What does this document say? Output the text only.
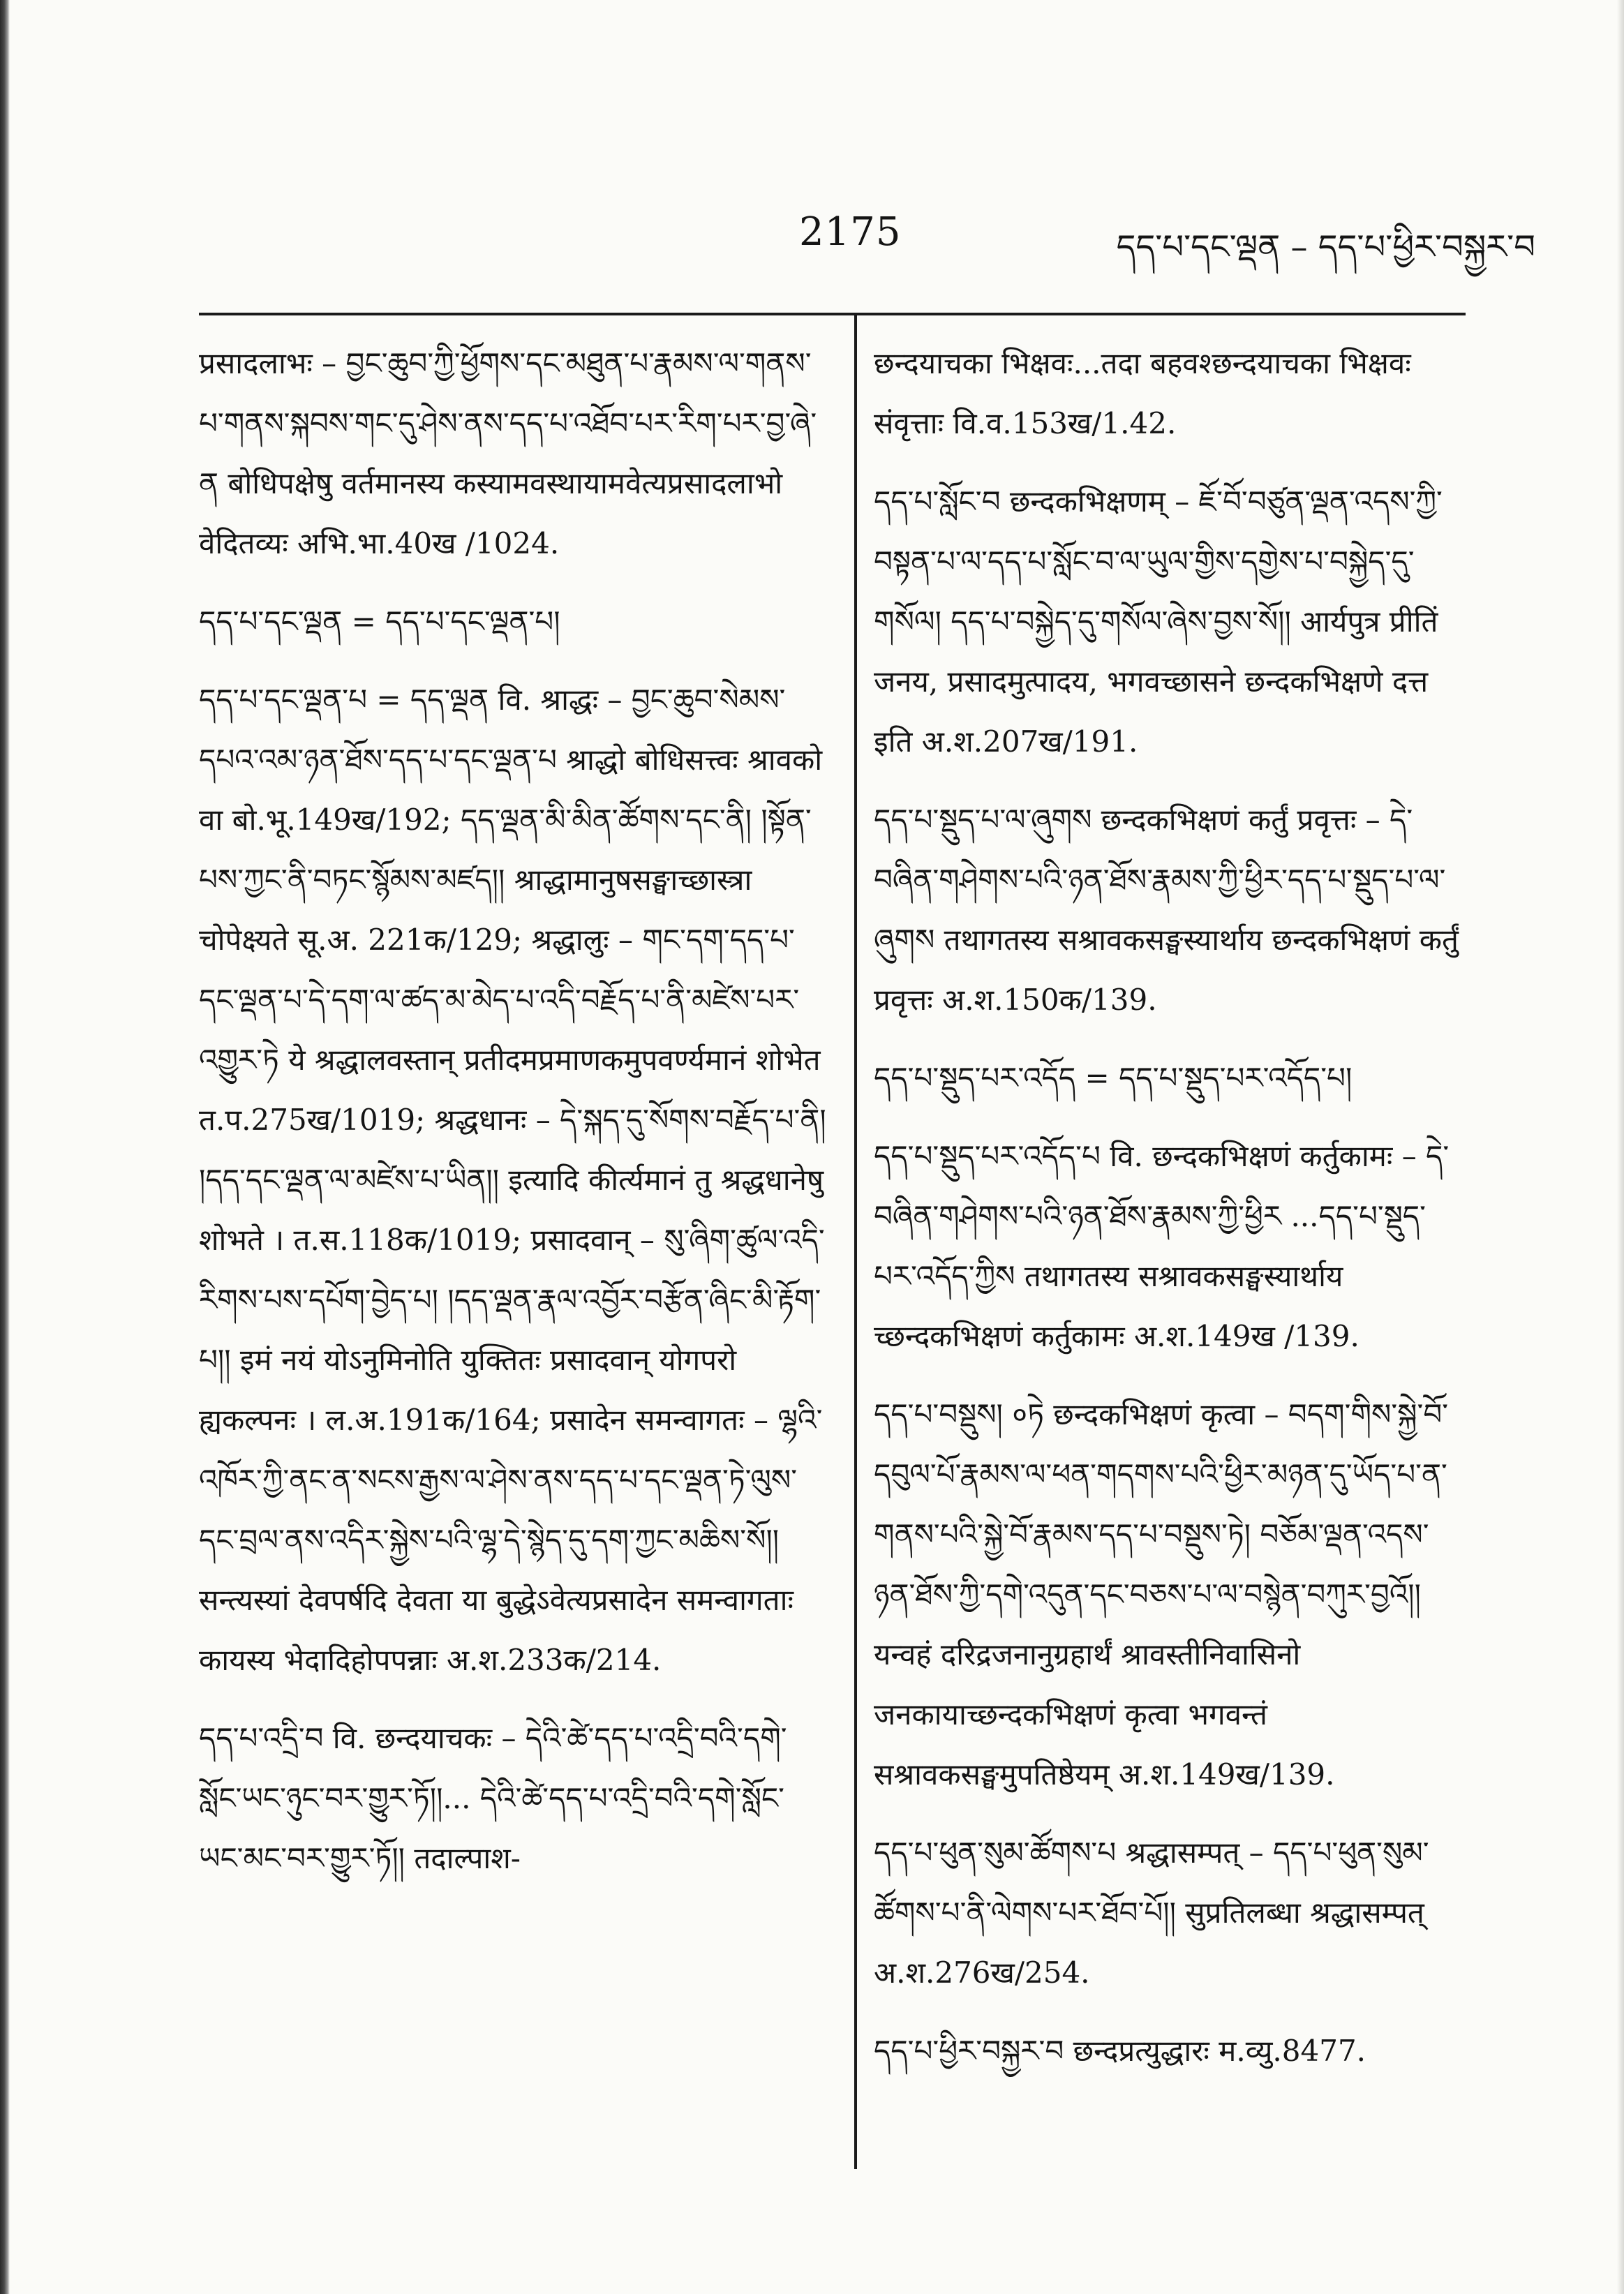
2175	དད་པ་དང་ལྡན – དད་པ་ཕྱིར་བསྐྱར་བ

प्रसादलाभः – བྱང་ཆུབ་ཀྱི་ཕྱོགས་དང་མཐུན་པ་རྣམས་ལ་གནས་པ་གནས་སྐབས་གང་དུ་ཤེས་ནས་དད་པ་འཐོབ་པར་རིག་པར་བྱ་ཞེ་ན बोधिपक्षेषु वर्तमानस्य कस्यामवस्थायामवेत्यप्रसादलाभो वेदितव्यः अभि.भा.40ख /1024.

དད་པ་དང་ལྡན = དད་པ་དང་ལྡན་པ།

དད་པ་དང་ལྡན་པ = དད་ལྡན वि. श्राद्धः – བྱང་ཆུབ་སེམས་དཔའ་འམ་ཉན་ཐོས་དད་པ་དང་ལྡན་པ श्राद्धो बोधिसत्त्वः श्रावको वा बो.भू.149ख/192; དད་ལྡན་མི་མིན་ཚོགས་དང་ནི། །སྟོན་པས་ཀྱང་ནི་བཏང་སྙོམས་མཛད།། श्राद्धामानुषसङ्घाच्छास्त्रा चोपेक्ष्यते सू.अ. 221क/129; श्रद्धालुः – གང་དག་དད་པ་དང་ལྡན་པ་དེ་དག་ལ་ཚད་མ་མེད་པ་འདི་བརྗོད་པ་ནི་མཛེས་པར་འགྱུར་ཏེ ये श्रद्धालवस्तान् प्रतीदमप्रमाणकमुपवर्ण्यमानं शोभेत त.प.275ख/1019; श्रद्धधानः – དེ་སྐད་དུ་སོགས་བརྗོད་པ་ནི། །དད་དང་ལྡན་ལ་མཛེས་པ་ཡིན།། इत्यादि कीर्त्यमानं तु श्रद्धधानेषु शोभते । त.स.118क/1019; प्रसादवान् – སུ་ཞིག་ཚུལ་འདི་རིགས་པས་དཔོག་བྱེད་པ། །དད་ལྡན་རྣལ་འབྱོར་བརྩོན་ཞིང་མི་རྟོག་པ།། इमं नयं योऽनुमिनोति युक्तितः प्रसादवान् योगपरो ह्यकल्पनः । ल.अ.191क/164; प्रसादेन समन्वागतः – ལྷའི་འཁོར་ཀྱི་ནང་ན་སངས་རྒྱས་ལ་ཤེས་ནས་དད་པ་དང་ལྡན་ཏེ་ལུས་དང་བྲལ་ནས་འདིར་སྐྱེས་པའི་ལྷ་དེ་སྙེད་དུ་དག་ཀྱང་མཆིས་སོ།། सन्त्यस्यां देवपर्षदि देवता या बुद्धेऽवेत्यप्रसादेन समन्वागताः कायस्य भेदादिहोपपन्नाः अ.श.233क/214.

དད་པ་འདྲི་བ वि. छन्दयाचकः – དེའི་ཚེ་དད་པ་འདྲི་བའི་དགེ་སློང་ཡང་ཉུང་བར་གྱུར་ཏོ།།... དེའི་ཚེ་དད་པ་འདྲི་བའི་དགེ་སློང་ཡང་མང་བར་གྱུར་ཏོ།། तदाल्पाश-

छन्दयाचका भिक्षवः...तदा बहवश्छन्दयाचका भिक्षवः संवृत्ताः वि.व.153ख/1.42.

དད་པ་སློང་བ छन्दकभिक्षणम् – ཇོ་བོ་བཙུན་ལྡན་འདས་ཀྱི་བསྟན་པ་ལ་དད་པ་སློང་བ་ལ་ཡུལ་གྱིས་དགྱེས་པ་བསྐྱེད་དུ་གསོལ། དད་པ་བསྐྱེད་དུ་གསོལ་ཞེས་བྱས་སོ།། आर्यपुत्र प्रीतिं जनय, प्रसादमुत्पादय, भगवच्छासने छन्दकभिक्षणे दत्त इति अ.श.207ख/191.

དད་པ་སྡུད་པ་ལ་ཞུགས छन्दकभिक्षणं कर्तुं प्रवृत्तः – དེ་བཞིན་གཤེགས་པའི་ཉན་ཐོས་རྣམས་ཀྱི་ཕྱིར་དད་པ་སྡུད་པ་ལ་ཞུགས तथागतस्य सश्रावकसङ्घस्यार्थाय छन्दकभिक्षणं कर्तुं प्रवृत्तः अ.श.150क/139.

དད་པ་སྡུད་པར་འདོད = དད་པ་སྡུད་པར་འདོད་པ།

དད་པ་སྡུད་པར་འདོད་པ वि. छन्दकभिक्षणं कर्तुकामः – དེ་བཞིན་གཤེགས་པའི་ཉན་ཐོས་རྣམས་ཀྱི་ཕྱིར ...དད་པ་སྡུད་པར་འདོད་ཀྱིས तथागतस्य सश्रावकसङ्घस्यार्थाय च्छन्दकभिक्षणं कर्तुकामः अ.श.149ख /139.

དད་པ་བསྡུས། ०ཏེ छन्दकभिक्षणं कृत्वा – བདག་གིས་སྐྱེ་བོ་དབུལ་པོ་རྣམས་ལ་ཕན་གདགས་པའི་ཕྱིར་མཉན་དུ་ཡོད་པ་ན་གནས་པའི་སྐྱེ་བོ་རྣམས་དད་པ་བསྡུས་ཏེ། བཅོམ་ལྡན་འདས་ཉན་ཐོས་ཀྱི་དགེ་འདུན་དང་བཅས་པ་ལ་བསྙེན་བཀུར་བྱའོ།། यन्वहं दरिद्रजनानुग्रहार्थं श्रावस्तीनिवासिनो जनकायाच्छन्दकभिक्षणं कृत्वा भगवन्तं सश्रावकसङ्घमुपतिष्ठेयम् अ.श.149ख/139.

དད་པ་ཕུན་སུམ་ཚོགས་པ श्रद्धासम्पत् – དད་པ་ཕུན་སུམ་ཚོགས་པ་ནི་ལེགས་པར་ཐོབ་པོ།། सुप्रतिलब्धा श्रद्धासम्पत् अ.श.276ख/254.

དད་པ་ཕྱིར་བསྐྱར་བ छन्दप्रत्युद्धारः म.व्यु.8477.
